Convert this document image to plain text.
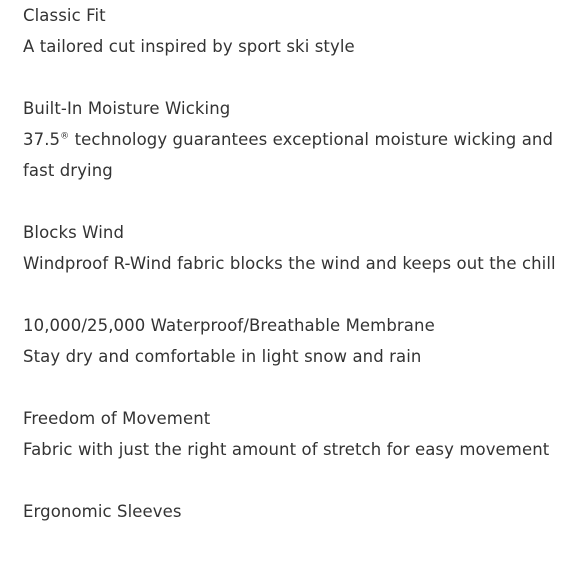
Classic Fit
A tailored cut inspired by sport ski style
Built-In Moisture Wicking
37.5® technology guarantees exceptional moisture wicking and fast drying
Blocks Wind
Windproof R-Wind fabric blocks the wind and keeps out the chill
10,000/25,000 Waterproof/Breathable Membrane
Stay dry and comfortable in light snow and rain
Freedom of Movement
Fabric with just the right amount of stretch for easy movement
Ergonomic Sleeves
